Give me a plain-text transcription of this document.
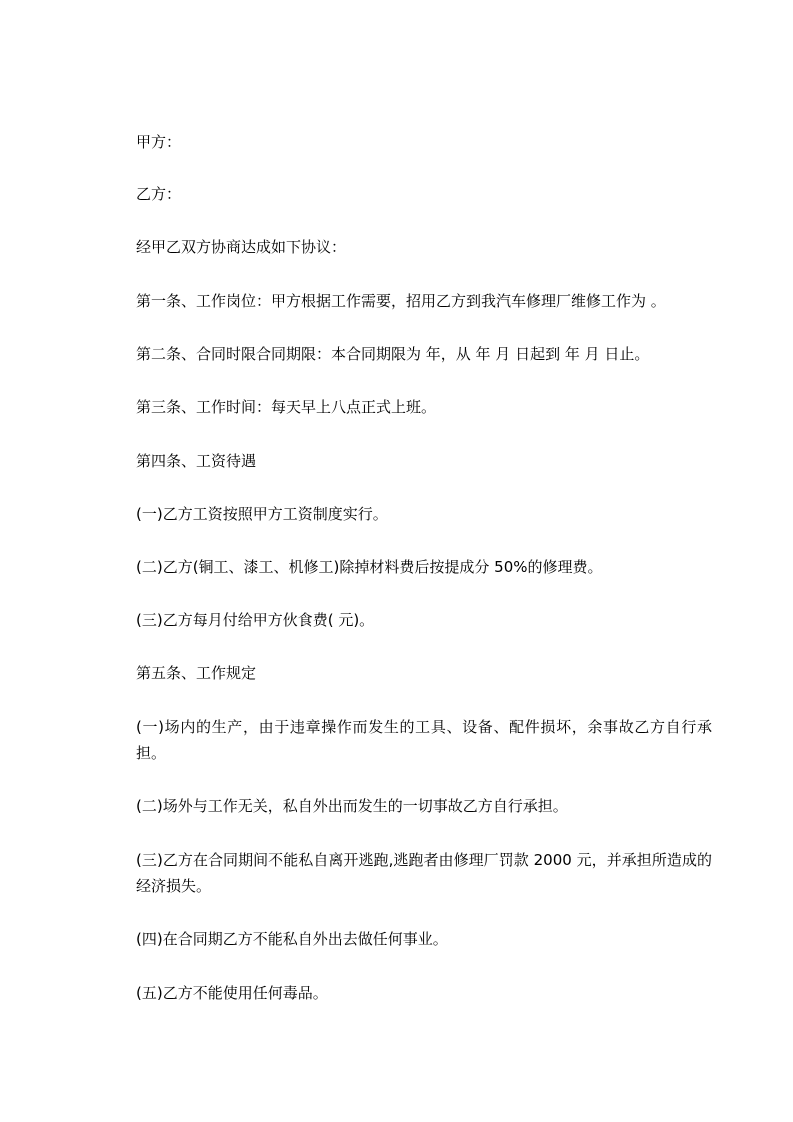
甲方：
乙方：
经甲乙双方协商达成如下协议：
第一条、工作岗位：甲方根据工作需要，招用乙方到我汽车修理厂维修工作为 。
第二条、合同时限合同期限：本合同期限为 年，从 年 月 日起到 年 月 日止。
第三条、工作时间：每天早上八点正式上班。
第四条、工资待遇
(一)乙方工资按照甲方工资制度实行。
(二)乙方(铜工、漆工、机修工)除掉材料费后按提成分 50%的修理费。
(三)乙方每月付给甲方伙食费( 元)。
第五条、工作规定
(一)场内的生产，由于违章操作而发生的工具、设备、配件损坏，余事故乙方自行承担。
(二)场外与工作无关，私自外出而发生的一切事故乙方自行承担。
(三)乙方在合同期间不能私自离开逃跑,逃跑者由修理厂罚款 2000 元，并承担所造成的经济损失。
(四)在合同期乙方不能私自外出去做任何事业。
(五)乙方不能使用任何毒品。
